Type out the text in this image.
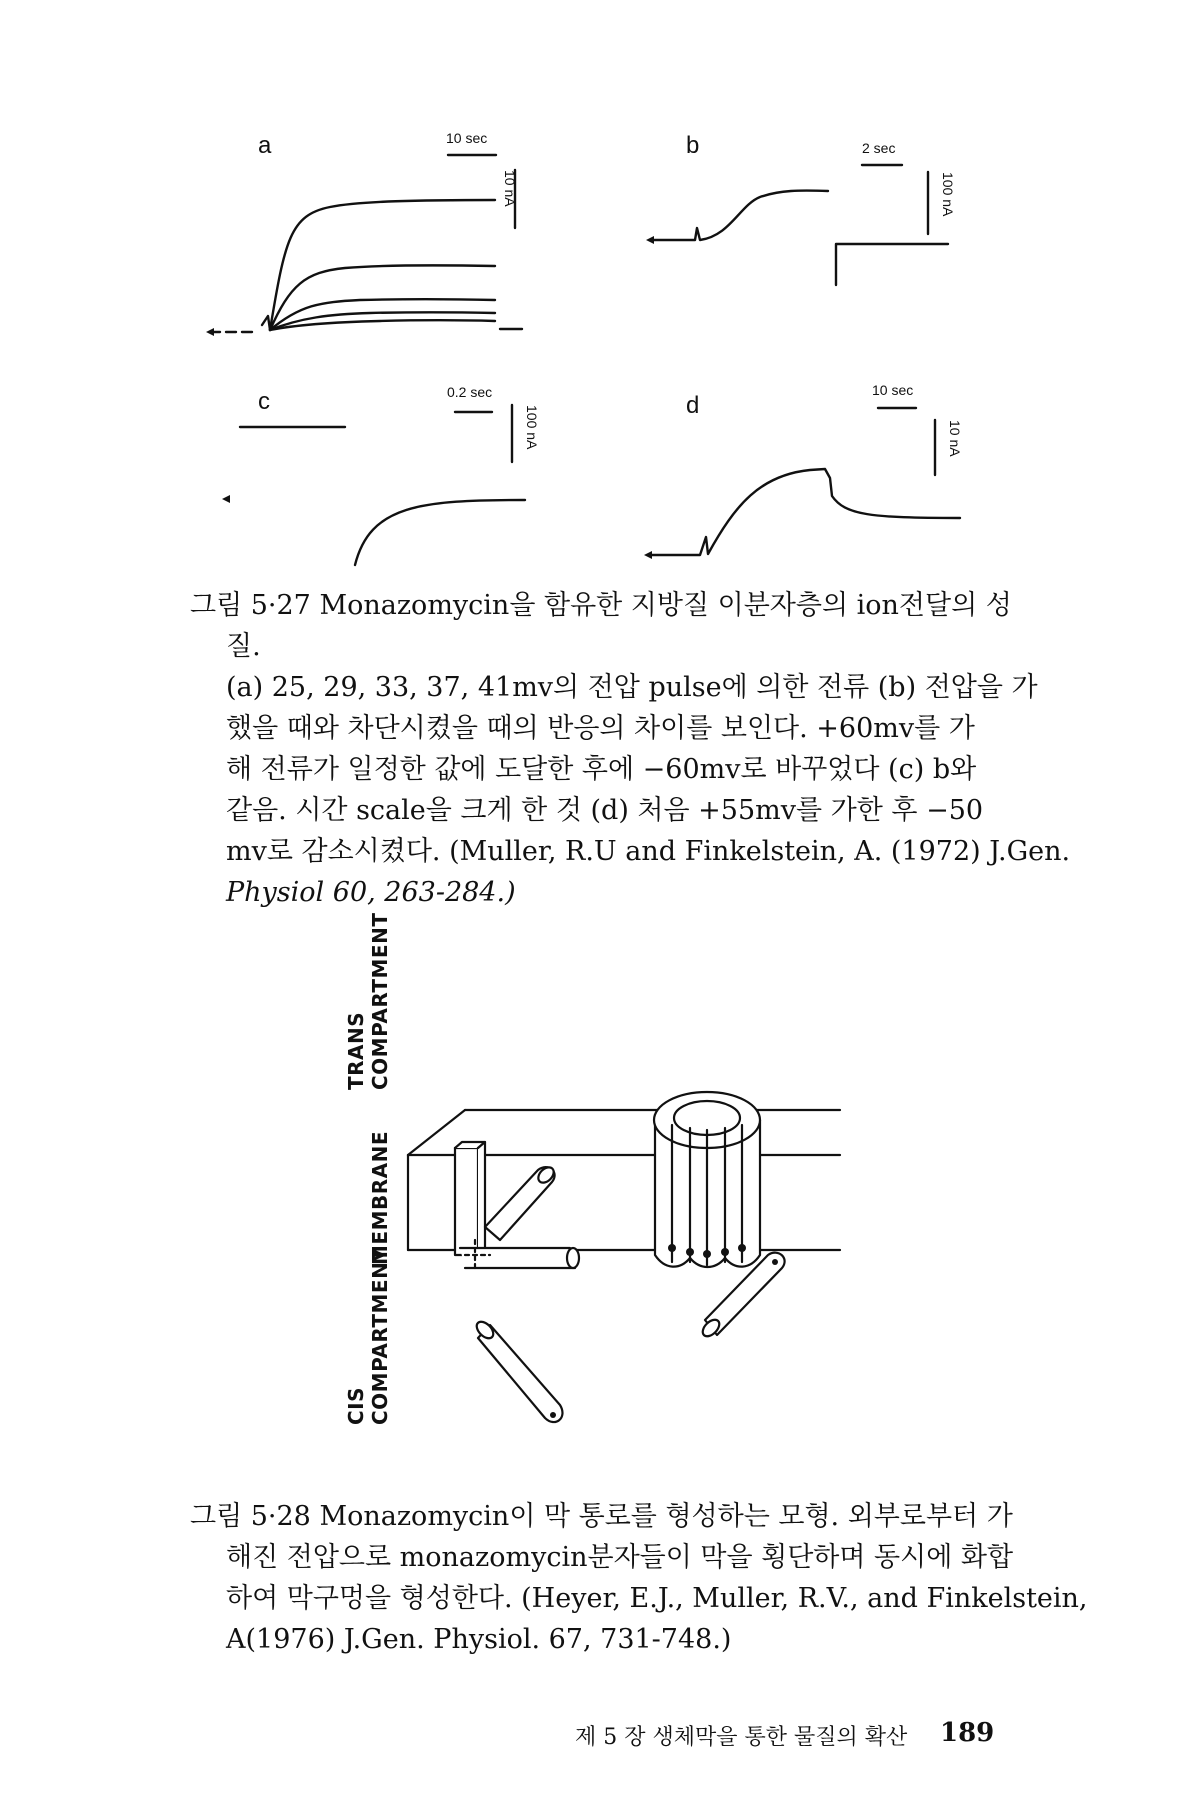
a	10 sec
10 nA
b	2 sec
100 nA
c	0.2 sec
100 nA	d
10 sec
10 nA
그림 5·27 Monazomycin을 함유한 지방질 이분자층의 ion전달의 성
질.
(a) 25, 29, 33, 37, 41mv의 전압 pulse에 의한 전류 (b) 전압을 가
했을 때와 차단시켰을 때의 반응의 차이를 보인다. +60mv를 가
해 전류가 일정한 값에 도달한 후에 −60mv로 바꾸었다 (c) b와
같음. 시간 scale을 크게 한 것 (d) 처음 +55mv를 가한 후 −50
mv로 감소시켰다. (Muller, R.U and Finkelstein, A. (1972) J.Gen.
Physiol 60, 263-284.)
TRANS COMPARTMENT
MEMBRANE
CIS COMPARTMENT
그림 5·28 Monazomycin이 막 통로를 형성하는 모형. 외부로부터 가
해진 전압으로 monazomycin분자들이 막을 횡단하며 동시에 화합
하여 막구멍을 형성한다. (Heyer, E.J., Muller, R.V., and Finkelstein,
A(1976) J.Gen. Physiol. 67, 731-748.)
제 5 장 생체막을 통한 물질의 확산 189
